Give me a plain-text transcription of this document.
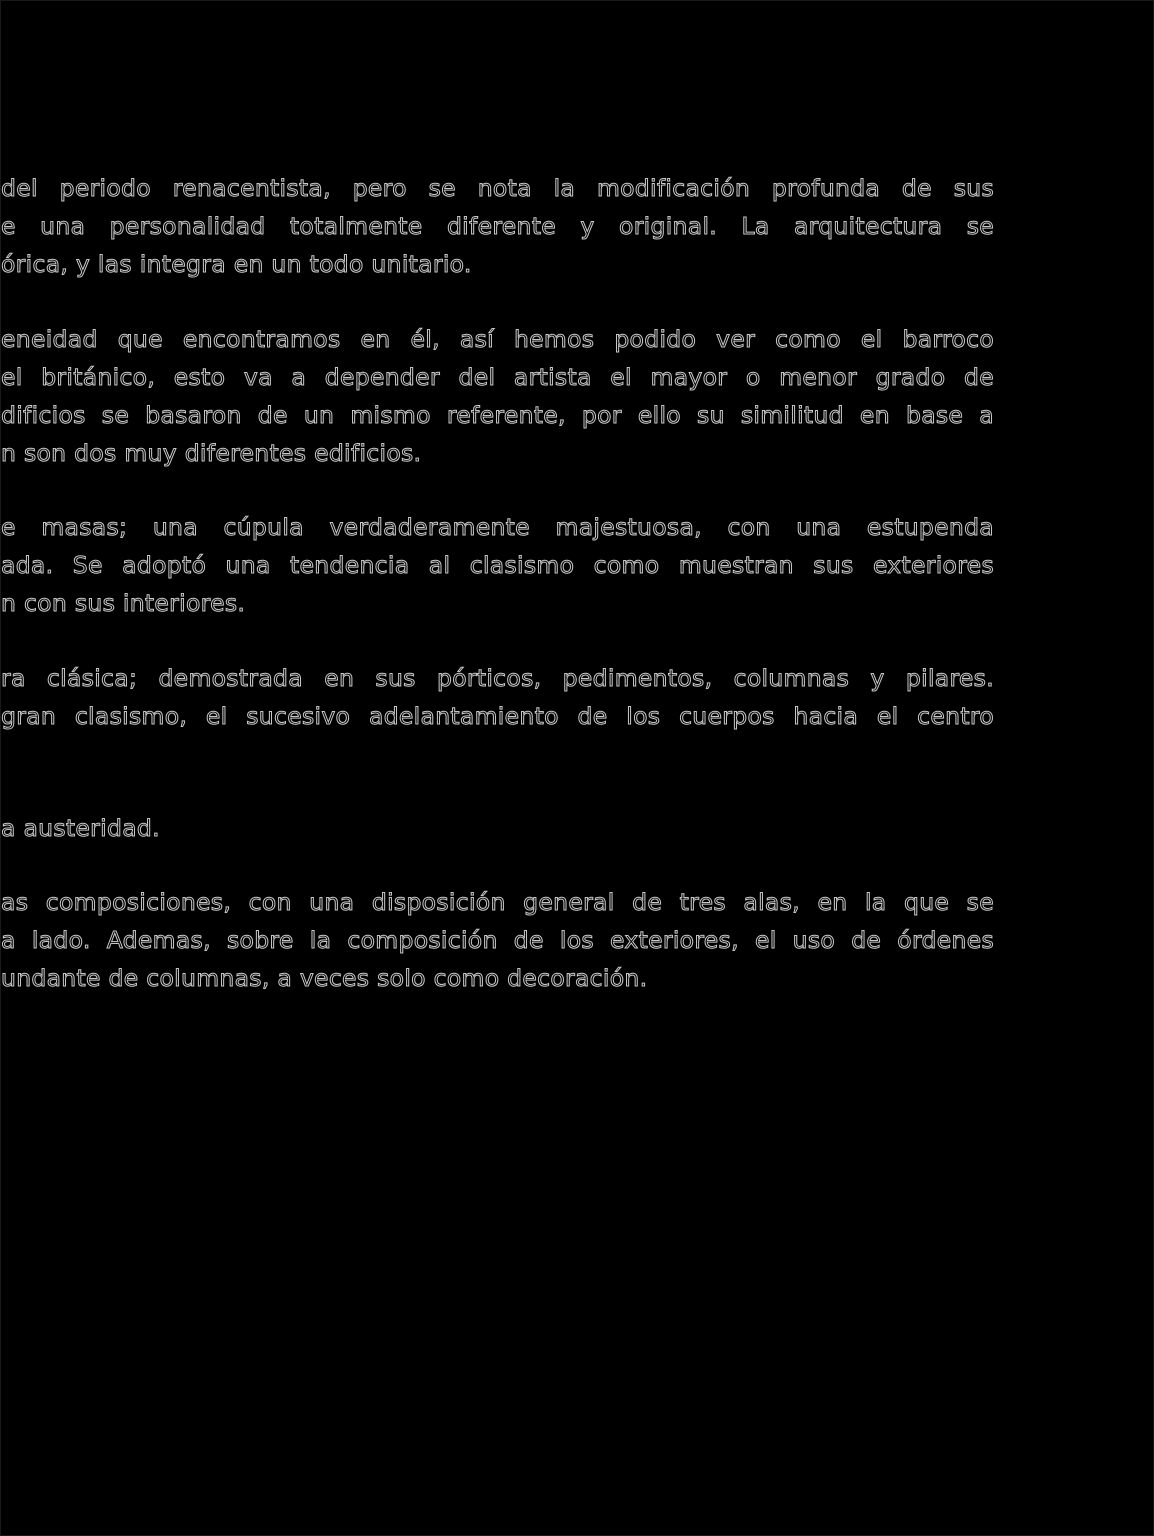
del periodo renacentista, pero se nota la modificación profunda de sus
e una personalidad totalmente diferente y original. La arquitectura se
órica, y las integra en un todo unitario.
eneidad que encontramos en él, así hemos podido ver como el barroco
el británico, esto va a depender del artista el mayor o menor grado de
dificios se basaron de un mismo referente, por ello su similitud en base a
n son dos muy diferentes edificios.
e masas; una cúpula verdaderamente majestuosa, con una estupenda
ada. Se adoptó una tendencia al clasismo como muestran sus exteriores
n con sus interiores.
ra clásica; demostrada en sus pórticos, pedimentos, columnas y pilares.
gran clasismo, el sucesivo adelantamiento de los cuerpos hacia el centro
a austeridad.
as composiciones, con una disposición general de tres alas, en la que se
a lado. Ademas, sobre la composición de los exteriores, el uso de órdenes
undante de columnas, a veces solo como decoración.
